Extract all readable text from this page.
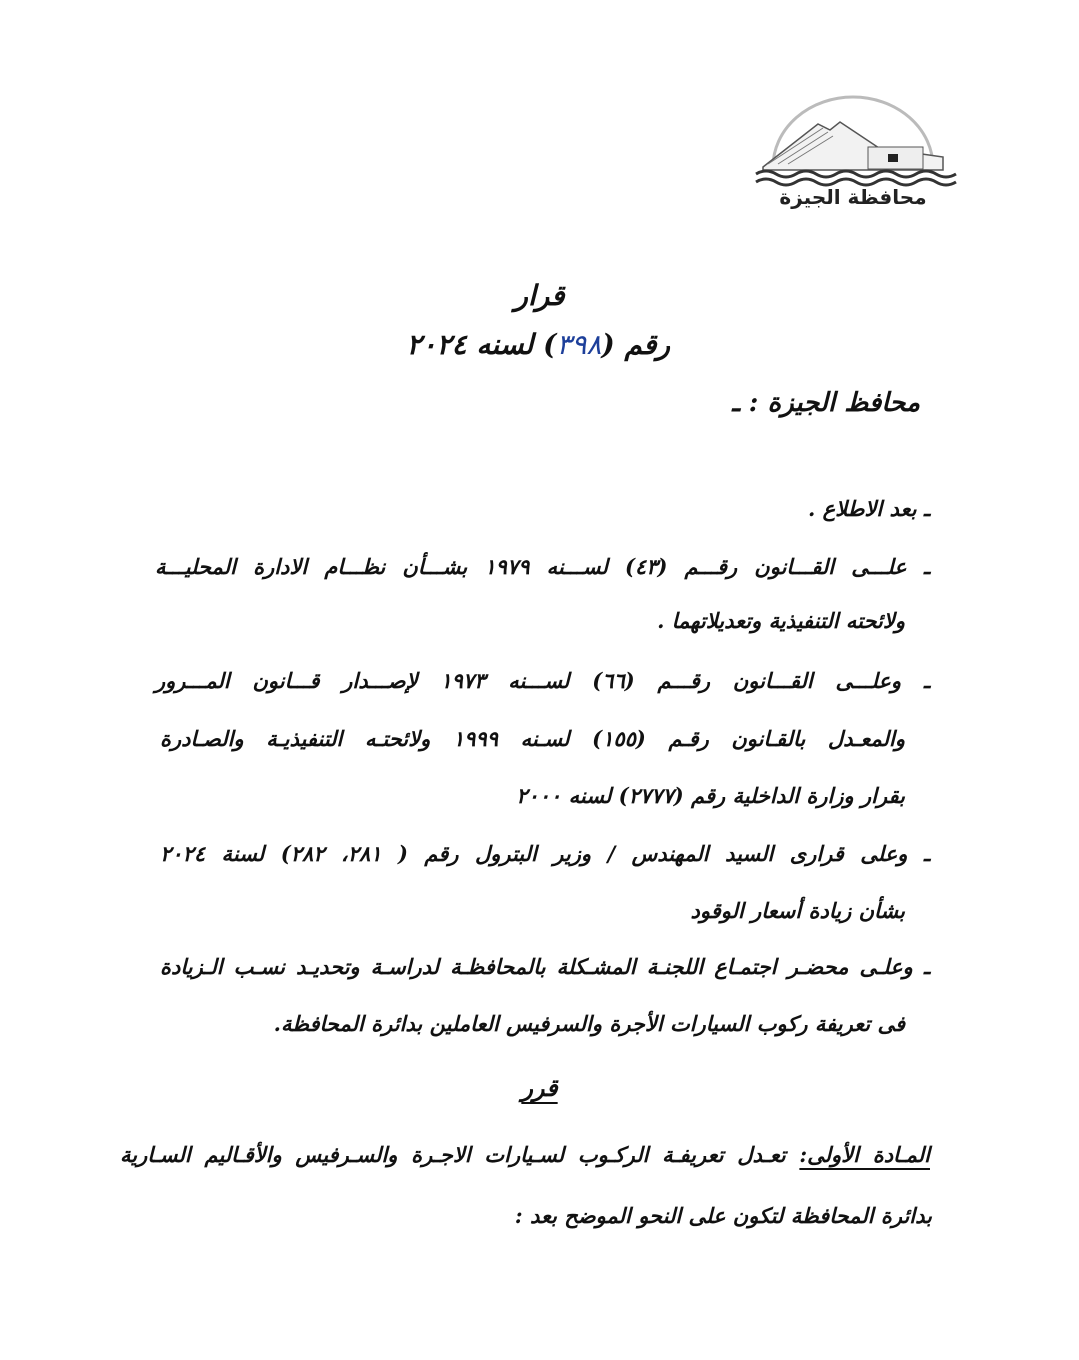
محافظة الجيزة
قرار
رقم (٣٩٨) لسنه ٢٠٢٤
محافظ الجيزة : ـ
ـ بعد الاطلاع .
ـ علـــى القـــانون رقـــم (٤٣) لســـنه ١٩٧٩ بشـــأن نظـــام الادارة المحليـــة
ولائحته التنفيذية وتعديلاتهما .
ـ وعلـــى القـــانون رقـــم (٦٦) لســـنه ١٩٧٣ لإصـــدار قـــانون المـــرور
والمعـدل بالقـانون رقـم (١٥٥) لسـنه ١٩٩٩ ولائحتـه التنفيذيـة والصـادرة
بقرار وزارة الداخلية رقم (٢٧٧٧) لسنه ٢٠٠٠
ـ وعلى قرارى السيد المهندس / وزير البترول رقم ( ٢٨١، ٢٨٢) لسنة ٢٠٢٤
بشأن زيادة أسعار الوقود
ـ وعلـى محضـر اجتمـاع اللجنـة المشـكلة بالمحافظـة لدراسـة وتحديـد نسـب الـزيادة
فى تعريفة ركوب السيارات الأجرة والسرفيس العاملين بدائرة المحافظة.
قرر
المـادة الأولى: تعـدل تعريفـة الركـوب لسـيارات الاجـرة والسـرفيس والأقـاليم السـارية
بدائرة المحافظة لتكون على النحو الموضح بعد :
